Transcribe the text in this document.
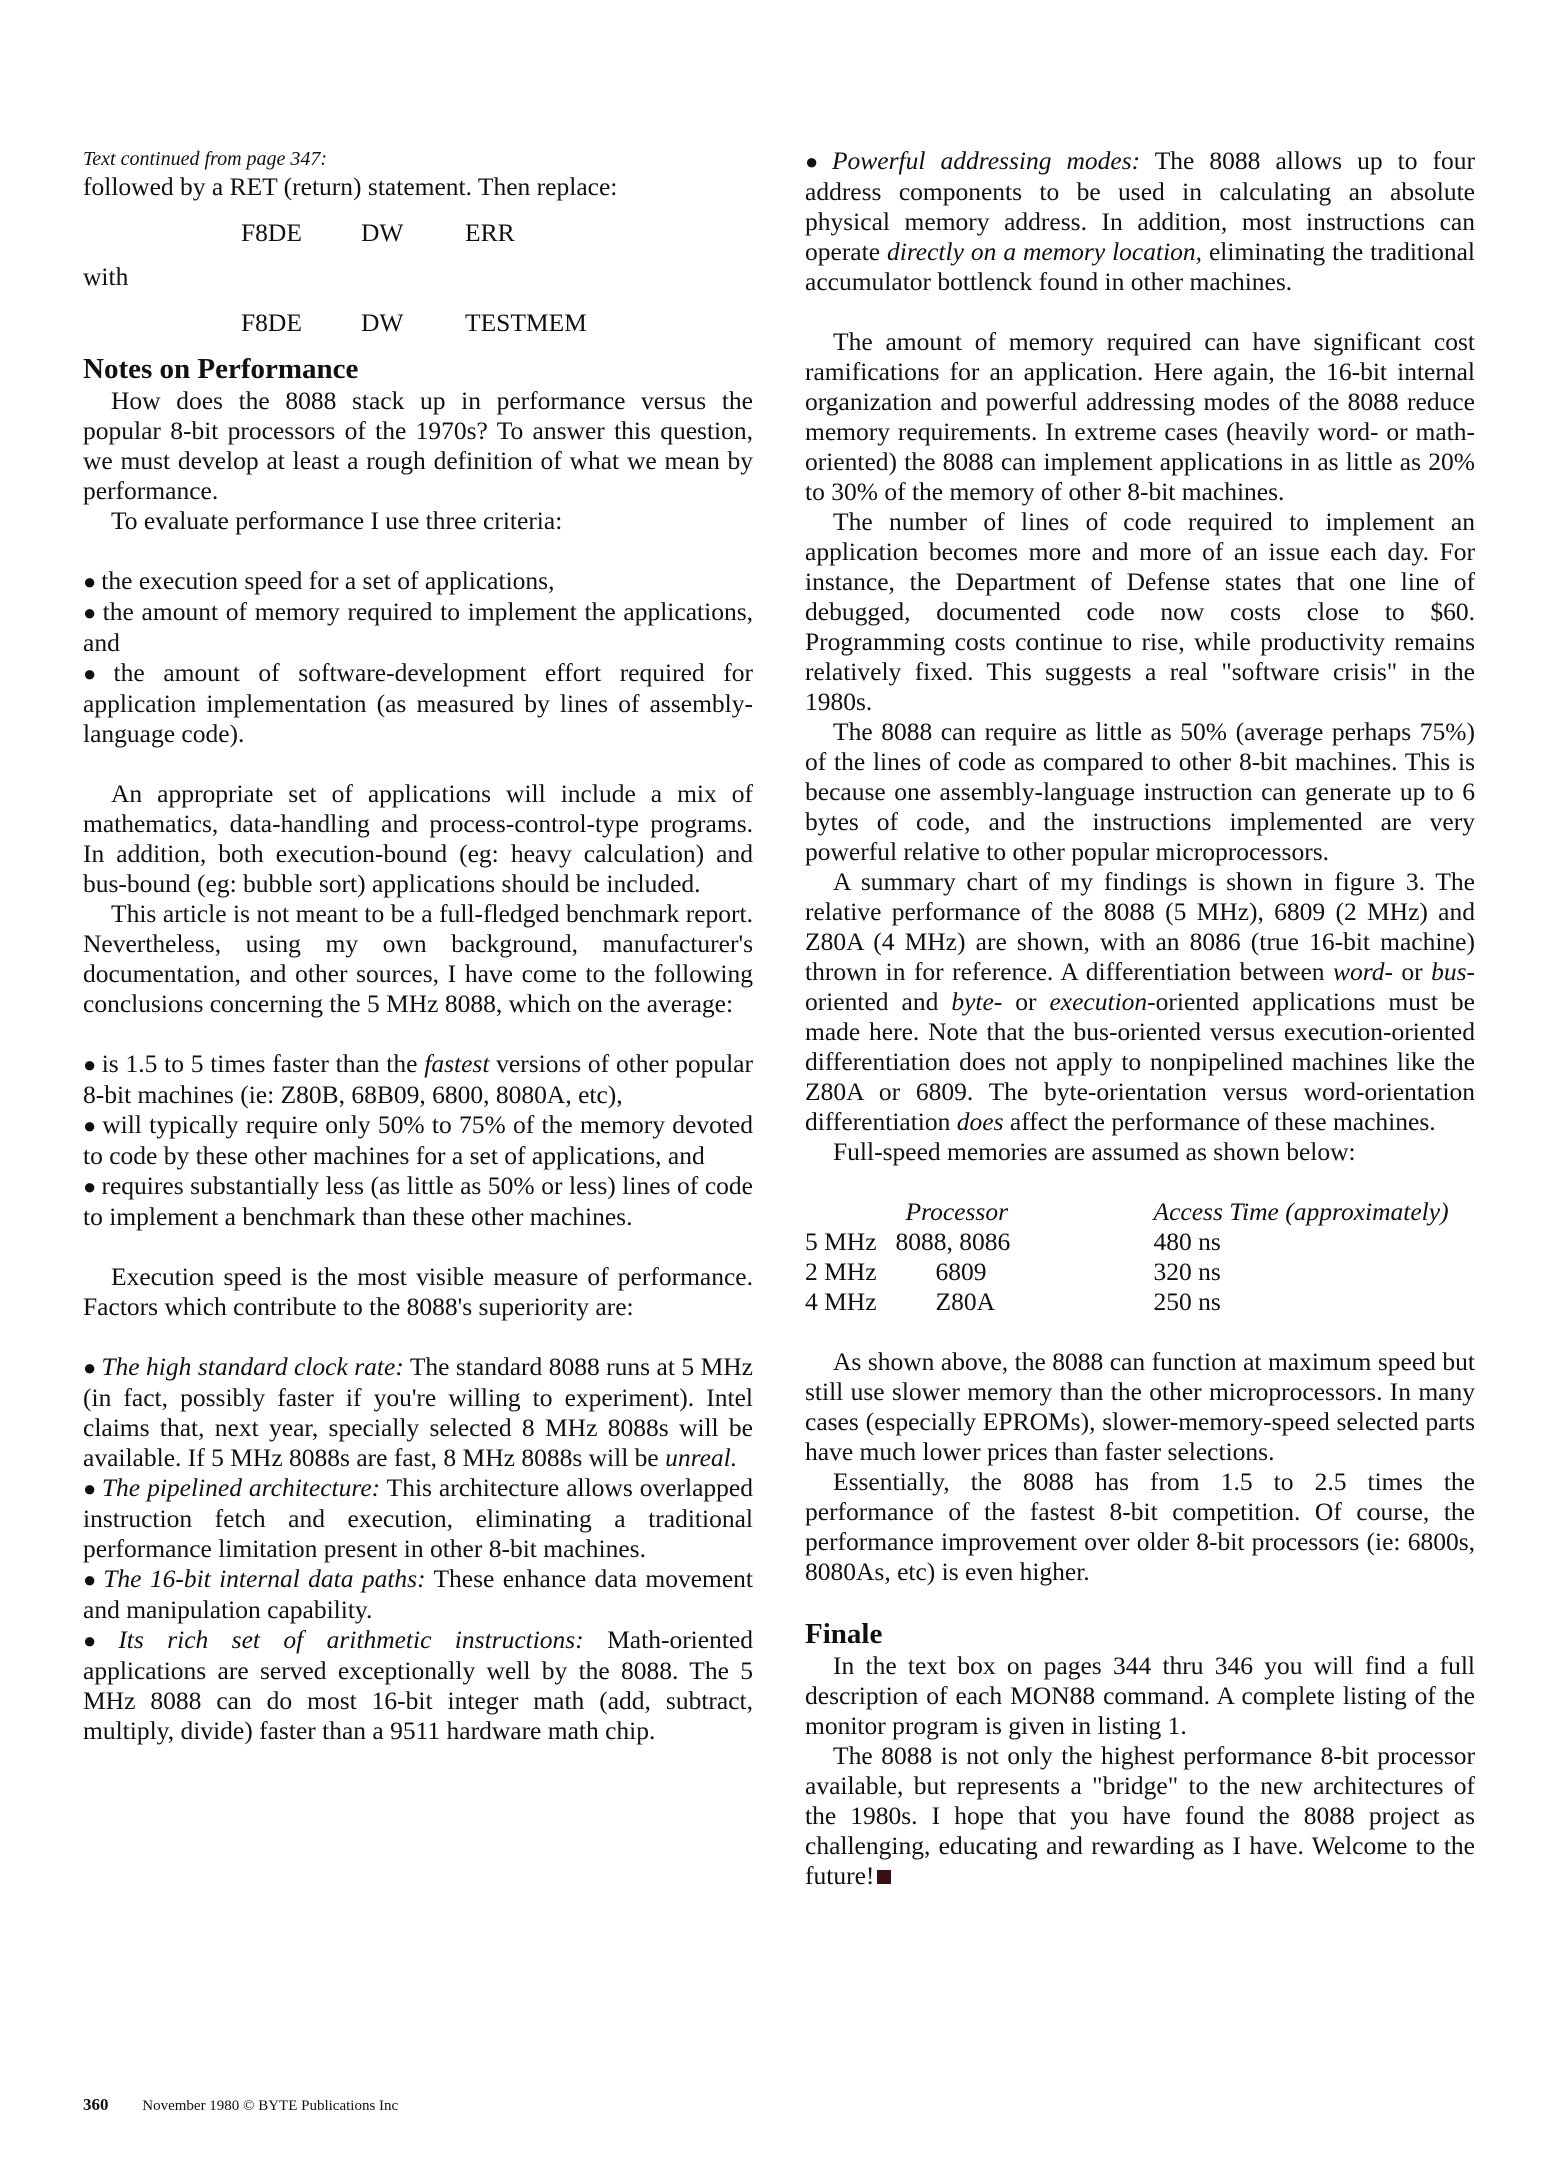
Text continued from page 347:

followed by a RET (return) statement. Then replace:

F8DE DW ERR

with

F8DE DW TESTMEM
Notes on Performance

How does the 8088 stack up in performance versus the popular 8-bit processors of the 1970s? To answer this question, we must develop at least a rough definition of what we mean by performance.

To evaluate performance I use three criteria:

● the execution speed for a set of applications,

● the amount of memory required to implement the applications, and

● the amount of software-development effort required for application implementation (as measured by lines of assembly-language code).

An appropriate set of applications will include a mix of mathematics, data-handling and process-control-type programs. In addition, both execution-bound (eg: heavy calculation) and bus-bound (eg: bubble sort) applications should be included.

This article is not meant to be a full-fledged benchmark report. Nevertheless, using my own background, manufacturer's documentation, and other sources, I have come to the following conclusions concerning the 5 MHz 8088, which on the average:

● is 1.5 to 5 times faster than the fastest versions of other popular 8-bit machines (ie: Z80B, 68B09, 6800, 8080A, etc),

● will typically require only 50% to 75% of the memory devoted to code by these other machines for a set of applications, and

● requires substantially less (as little as 50% or less) lines of code to implement a benchmark than these other machines.

Execution speed is the most visible measure of performance. Factors which contribute to the 8088's superiority are:

● The high standard clock rate: The standard 8088 runs at 5 MHz (in fact, possibly faster if you're willing to experiment). Intel claims that, next year, specially selected 8 MHz 8088s will be available. If 5 MHz 8088s are fast, 8 MHz 8088s will be unreal.

● The pipelined architecture: This architecture allows overlapped instruction fetch and execution, eliminating a traditional performance limitation present in other 8-bit machines.

● The 16-bit internal data paths: These enhance data movement and manipulation capability.

● Its rich set of arithmetic instructions: Math-oriented applications are served exceptionally well by the 8088. The 5 MHz 8088 can do most 16-bit integer math (add, subtract, multiply, divide) faster than a 9511 hardware math chip.

● Powerful addressing modes: The 8088 allows up to four address components to be used in calculating an absolute physical memory address. In addition, most instructions can operate directly on a memory location, eliminating the traditional accumulator bottlenck found in other machines.

The amount of memory required can have significant cost ramifications for an application. Here again, the 16-bit internal organization and powerful addressing modes of the 8088 reduce memory requirements. In extreme cases (heavily word- or math-oriented) the 8088 can implement applications in as little as 20% to 30% of the memory of other 8-bit machines.

The number of lines of code required to implement an application becomes more and more of an issue each day. For instance, the Department of Defense states that one line of debugged, documented code now costs close to $60. Programming costs continue to rise, while productivity remains relatively fixed. This suggests a real "software crisis" in the 1980s.

The 8088 can require as little as 50% (average perhaps 75%) of the lines of code as compared to other 8-bit machines. This is because one assembly-language instruction can generate up to 6 bytes of code, and the instructions implemented are very powerful relative to other popular microprocessors.

A summary chart of my findings is shown in figure 3. The relative performance of the 8088 (5 MHz), 6809 (2 MHz) and Z80A (4 MHz) are shown, with an 8086 (true 16-bit machine) thrown in for reference. A differentiation between word- or bus-oriented and byte- or execution-oriented applications must be made here. Note that the bus-oriented versus execution-oriented differentiation does not apply to nonpipelined machines like the Z80A or 6809. The byte-orientation versus word-orientation differentiation does affect the performance of these machines.

Full-speed memories are assumed as shown below:

	Processor	Access Time (approximately)
5 MHz	8088, 8086	480 ns
2 MHz	6809	320 ns
4 MHz	Z80A	250 ns

As shown above, the 8088 can function at maximum speed but still use slower memory than the other microprocessors. In many cases (especially EPROMs), slower-memory-speed selected parts have much lower prices than faster selections.

Essentially, the 8088 has from 1.5 to 2.5 times the performance of the fastest 8-bit competition. Of course, the performance improvement over older 8-bit processors (ie: 6800s, 8080As, etc) is even higher.

Finale

In the text box on pages 344 thru 346 you will find a full description of each MON88 command. A complete listing of the monitor program is given in listing 1.

The 8088 is not only the highest performance 8-bit processor available, but represents a "bridge" to the new architectures of the 1980s. I hope that you have found the 8088 project as challenging, educating and rewarding as I have. Welcome to the future!

360 November 1980 © BYTE Publications Inc
